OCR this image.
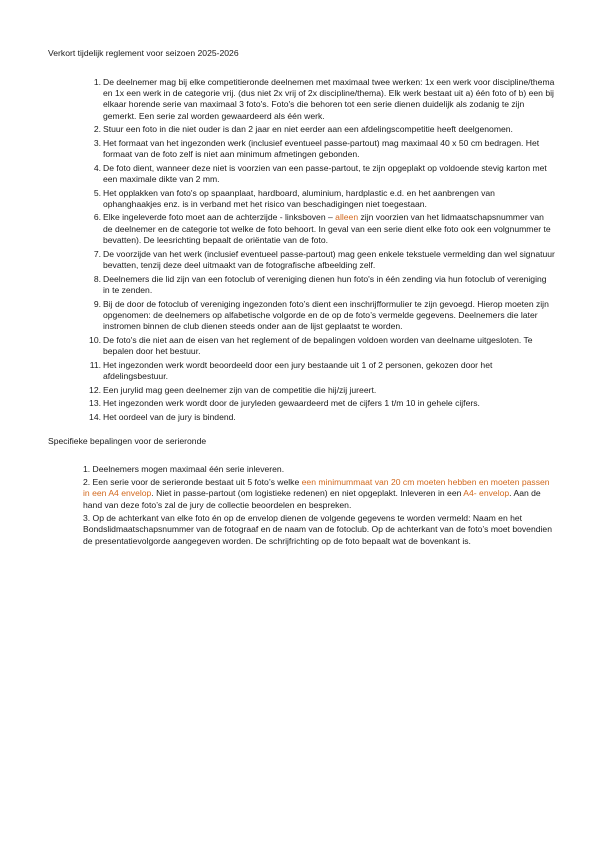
Verkort tijdelijk reglement voor seizoen 2025-2026
1. De deelnemer mag bij elke competitieronde deelnemen met maximaal twee werken: 1x een werk voor discipline/thema en 1x een werk in de categorie vrij. (dus niet 2x vrij of 2x discipline/thema). Elk werk bestaat uit a) één foto of b) een bij elkaar horende serie van maximaal 3 foto's. Foto's die behoren tot een serie dienen duidelijk als zodanig te zijn gemerkt. Een serie zal worden gewaardeerd als één werk.
2. Stuur een foto in die niet ouder is dan 2 jaar en niet eerder aan een afdelingscompetitie heeft deelgenomen.
3. Het formaat van het ingezonden werk (inclusief eventueel passe-partout) mag maximaal 40 x 50 cm bedragen. Het formaat van de foto zelf is niet aan minimum afmetingen gebonden.
4. De foto dient, wanneer deze niet is voorzien van een passe-partout, te zijn opgeplakt op voldoende stevig karton met een maximale dikte van 2 mm.
5. Het opplakken van foto's op spaanplaat, hardboard, aluminium, hardplastic e.d. en het aanbrengen van ophanghaakjes enz. is in verband met het risico van beschadigingen niet toegestaan.
6. Elke ingeleverde foto moet aan de achterzijde - linksboven – alleen zijn voorzien van het lidmaatschapsnummer van de deelnemer en de categorie tot welke de foto behoort. In geval van een serie dient elke foto ook een volgnummer te bevatten). De leesrichting bepaalt de oriëntatie van de foto.
7. De voorzijde van het werk (inclusief eventueel passe-partout) mag geen enkele tekstuele vermelding dan wel signatuur bevatten, tenzij deze deel uitmaakt van de fotografische afbeelding zelf.
8. Deelnemers die lid zijn van een fotoclub of vereniging dienen hun foto's in één zending via hun fotoclub of vereniging in te zenden.
9. Bij de door de fotoclub of vereniging ingezonden foto’s dient een inschrijfformulier te zijn gevoegd. Hierop moeten zijn opgenomen: de deelnemers op alfabetische volgorde en de op de foto’s vermelde gegevens. Deelnemers die later instromen binnen de club dienen steeds onder aan de lijst geplaatst te worden.
10. De foto's die niet aan de eisen van het reglement of de bepalingen voldoen worden van deelname uitgesloten. Te bepalen door het bestuur.
11. Het ingezonden werk wordt beoordeeld door een jury bestaande uit 1 of 2 personen, gekozen door het afdelingsbestuur.
12. Een jurylid mag geen deelnemer zijn van de competitie die hij/zij jureert.
13. Het ingezonden werk wordt door de juryleden gewaardeerd met de cijfers 1 t/m 10 in gehele cijfers.
14. Het oordeel van de jury is bindend.
Specifieke bepalingen voor de serieronde

1. Deelnemers mogen maximaal één serie inleveren.

2. Een serie voor de serieronde bestaat uit 5 foto’s welke een minimummaat van 20 cm moeten hebben en moeten passen in een A4 envelop. Niet in passe-partout (om logistieke redenen) en niet opgeplakt. Inleveren in een A4- envelop. Aan de hand van deze foto’s zal de jury de collectie beoordelen en bespreken.

3. Op de achterkant van elke foto én op de envelop dienen de volgende gegevens te worden vermeld: Naam en het Bondslidmaatschapsnummer van de fotograaf en de naam van de fotoclub. Op de achterkant van de foto’s moet bovendien de presentatievolgorde aangegeven worden. De schrijfrichting op de foto bepaalt wat de bovenkant is.
